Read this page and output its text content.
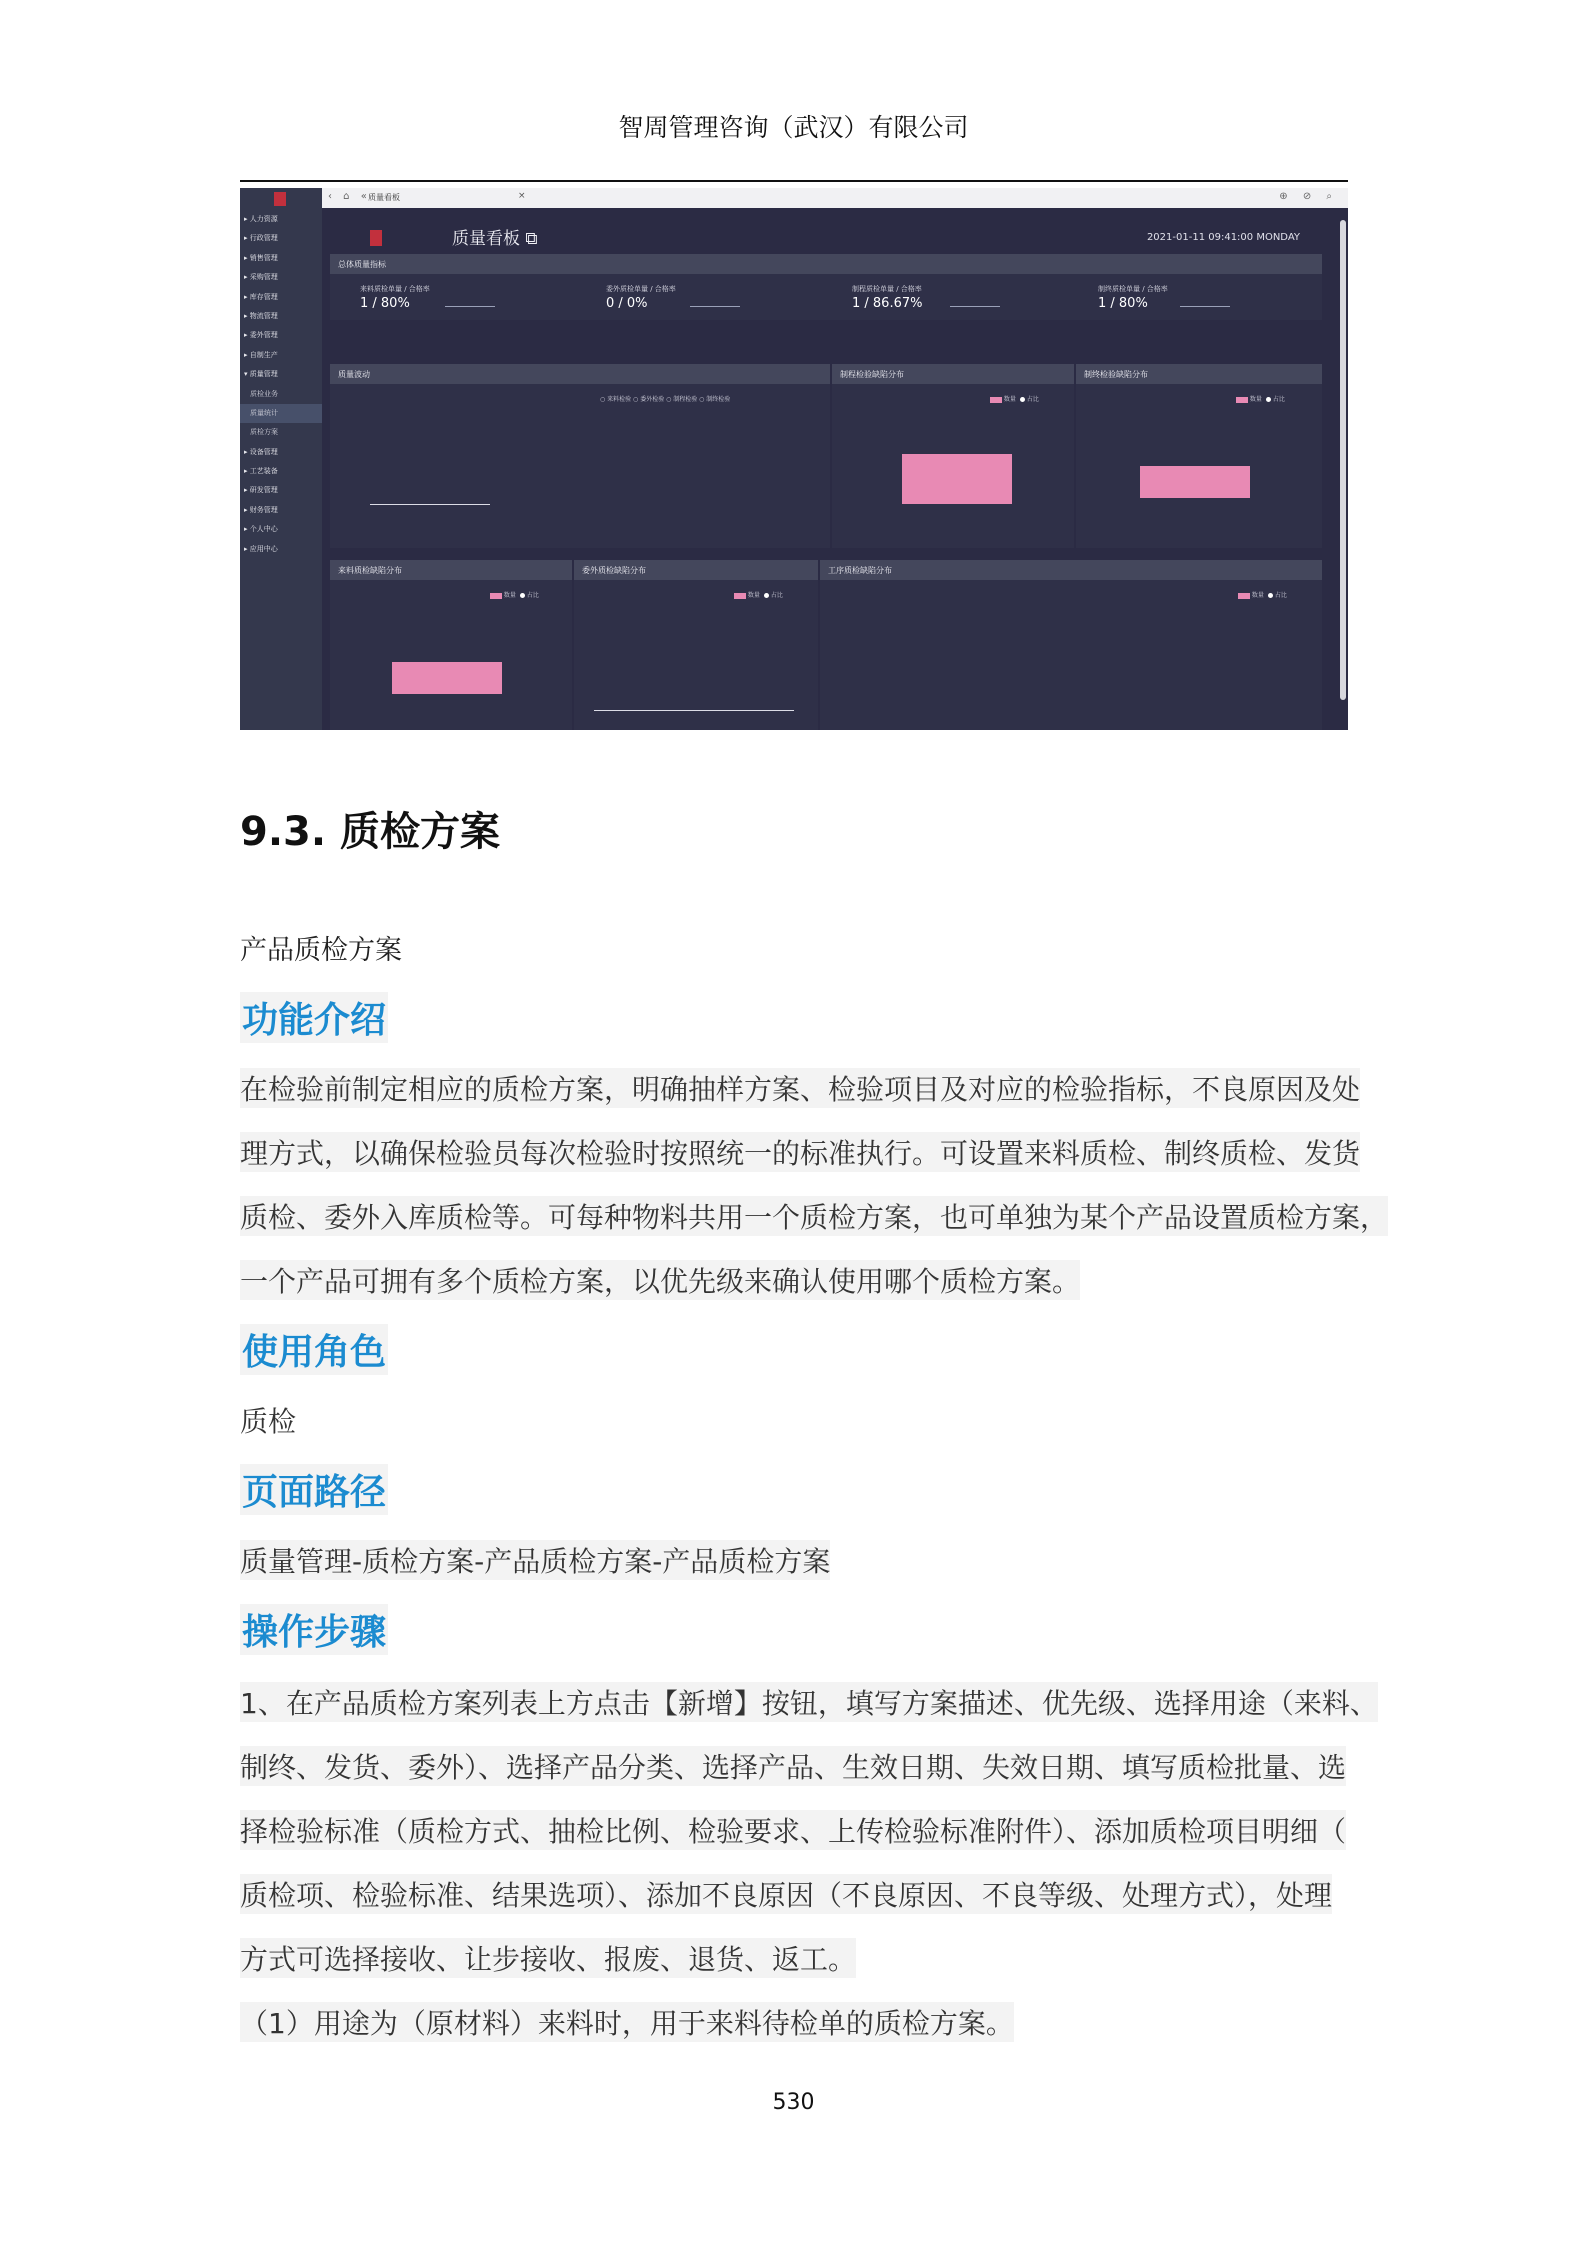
智周管理咨询（武汉）有限公司
▸ 人力资源
▸ 行政管理
▸ 销售管理
▸ 采购管理
▸ 库存管理
▸ 物流管理
▸ 委外管理
▸ 自制生产
▾ 质量管理
质检业务
质量统计
质检方案
▸ 设备管理
▸ 工艺装备
▸ 研发管理
▸ 财务管理
▸ 个人中心
▸ 应用中心
‹ ⌂ «
质量看板	×	⊕ ⊘ ⌕
质量看板 ⧉	2021-01-11 09:41:00 MONDAY
总体质量指标
来料质检单量 / 合格率
1 / 80%
委外质检单量 / 合格率
0 / 0%
制程质检单量 / 合格率
1 / 86.67%
制终质检单量 / 合格率
1 / 80%
质量波动
○ 来料检验 ○ 委外检验 ○ 制程检验 ○ 制终检验
制程检验缺陷分布
数量 占比
制终检验缺陷分布
数量 占比
来料质检缺陷分布
数量 占比
委外质检缺陷分布
数量 占比
工序质检缺陷分布
数量 占比
9.3. 质检方案
产品质检方案
功能介绍
在检验前制定相应的质检方案，明确抽样方案、检验项目及对应的检验指标，不良原因及处
理方式，以确保检验员每次检验时按照统一的标准执行。可设置来料质检、制终质检、发货
质检、委外入库质检等。可每种物料共用一个质检方案，也可单独为某个产品设置质检方案，
一个产品可拥有多个质检方案，以优先级来确认使用哪个质检方案。
使用角色
质检
页面路径
质量管理-质检方案-产品质检方案-产品质检方案
操作步骤
1、在产品质检方案列表上方点击【新增】按钮，填写方案描述、优先级、选择用途（来料、
制终、发货、委外）、选择产品分类、选择产品、生效日期、失效日期、填写质检批量、选
择检验标准（质检方式、抽检比例、检验要求、上传检验标准附件）、添加质检项目明细（
质检项、检验标准、结果选项）、添加不良原因（不良原因、不良等级、处理方式），处理
方式可选择接收、让步接收、报废、退货、返工。
（1）用途为（原材料）来料时，用于来料待检单的质检方案。
530
